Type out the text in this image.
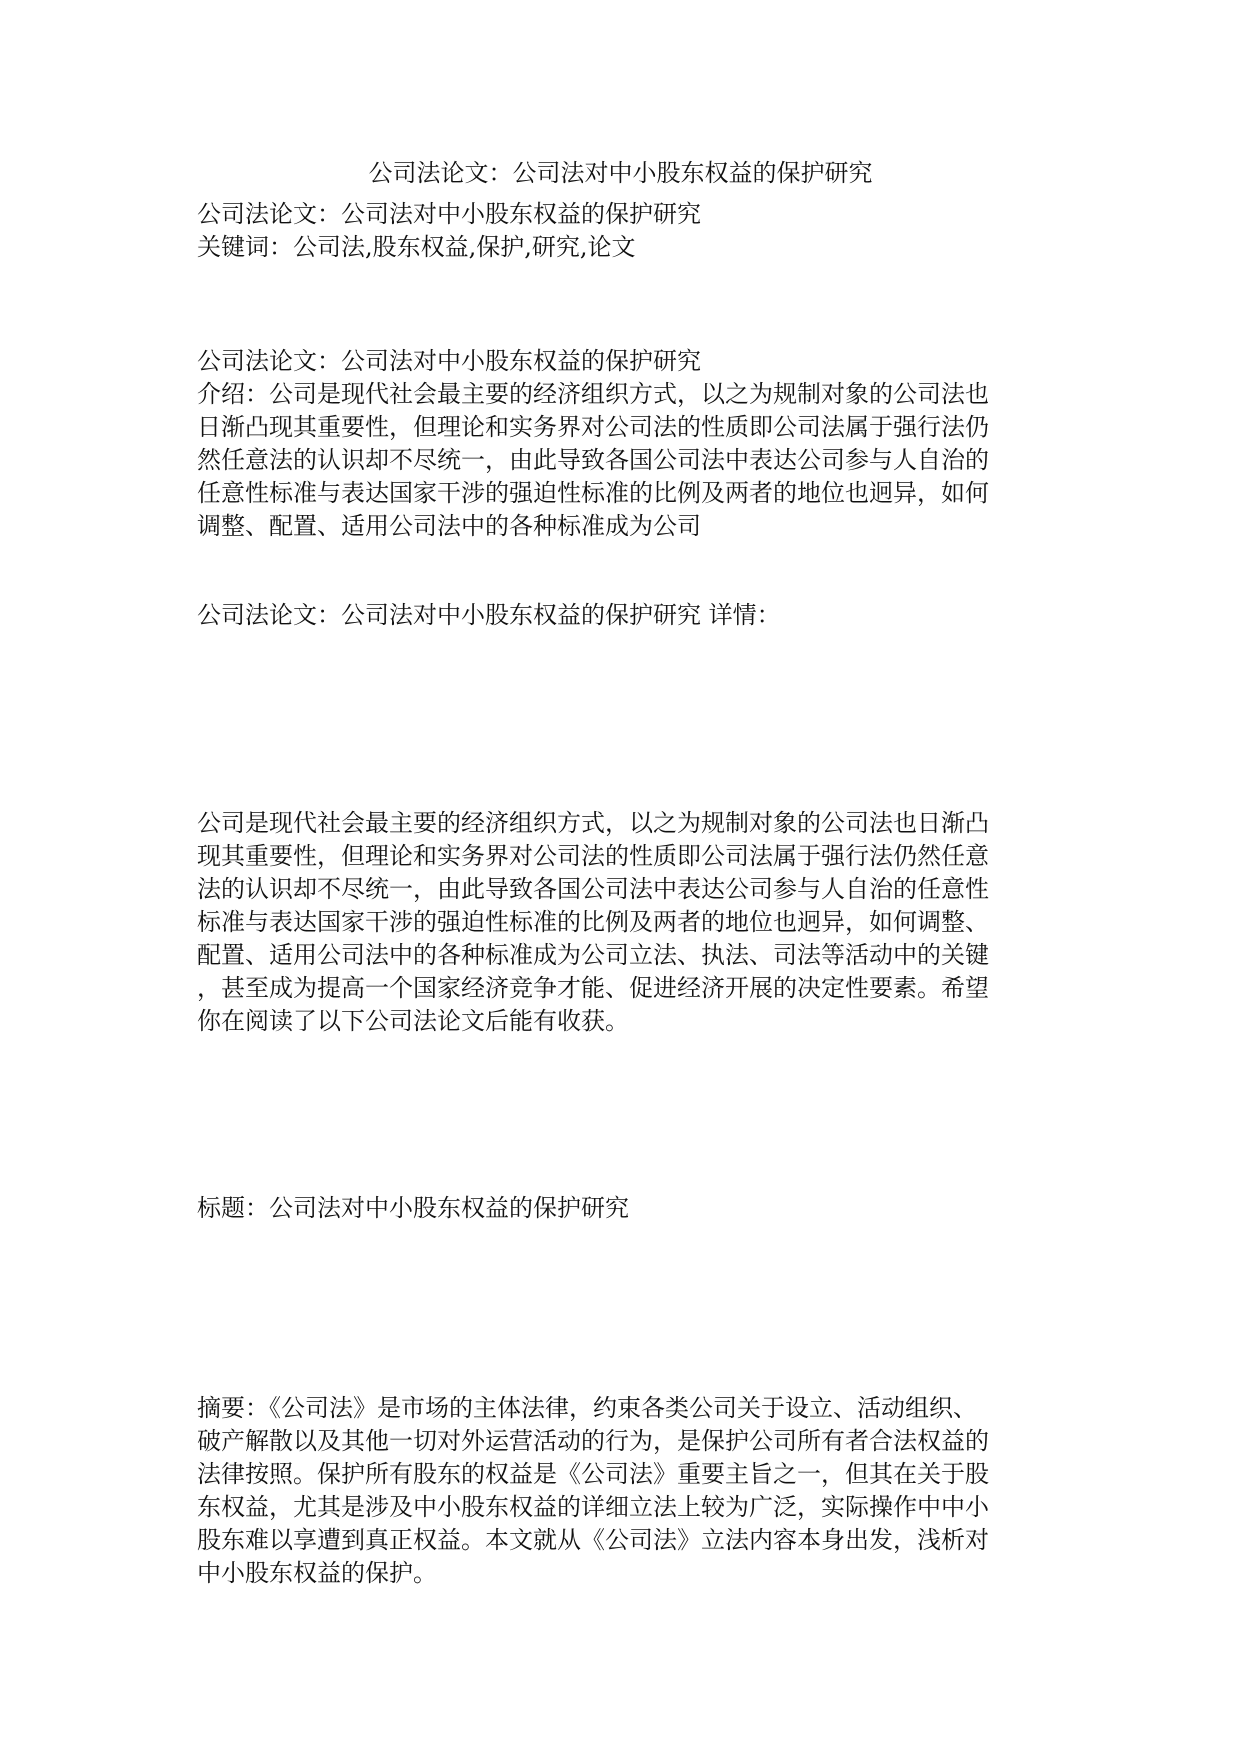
公司法论文：公司法对中小股东权益的保护研究

公司法论文：公司法对中小股东权益的保护研究

关键词：公司法,股东权益,保护,研究,论文

公司法论文：公司法对中小股东权益的保护研究

介绍：公司是现代社会最主要的经济组织方式，以之为规制对象的公司法也

日渐凸现其重要性，但理论和实务界对公司法的性质即公司法属于强行法仍

然任意法的认识却不尽统一，由此导致各国公司法中表达公司参与人自治的

任意性标准与表达国家干涉的强迫性标准的比例及两者的地位也迥异，如何

调整、配置、适用公司法中的各种标准成为公司

公司法论文：公司法对中小股东权益的保护研究 详情：

公司是现代社会最主要的经济组织方式，以之为规制对象的公司法也日渐凸

现其重要性，但理论和实务界对公司法的性质即公司法属于强行法仍然任意

法的认识却不尽统一，由此导致各国公司法中表达公司参与人自治的任意性

标准与表达国家干涉的强迫性标准的比例及两者的地位也迥异，如何调整、

配置、适用公司法中的各种标准成为公司立法、执法、司法等活动中的关键

，甚至成为提高一个国家经济竞争才能、促进经济开展的决定性要素。希望

你在阅读了以下公司法论文后能有收获。

标题：公司法对中小股东权益的保护研究

摘要：《公司法》是市场的主体法律，约束各类公司关于设立、活动组织、

破产解散以及其他一切对外运营活动的行为，是保护公司所有者合法权益的

法律按照。保护所有股东的权益是《公司法》重要主旨之一，但其在关于股

东权益，尤其是涉及中小股东权益的详细立法上较为广泛，实际操作中中小

股东难以享遭到真正权益。本文就从《公司法》立法内容本身出发，浅析对

中小股东权益的保护。
